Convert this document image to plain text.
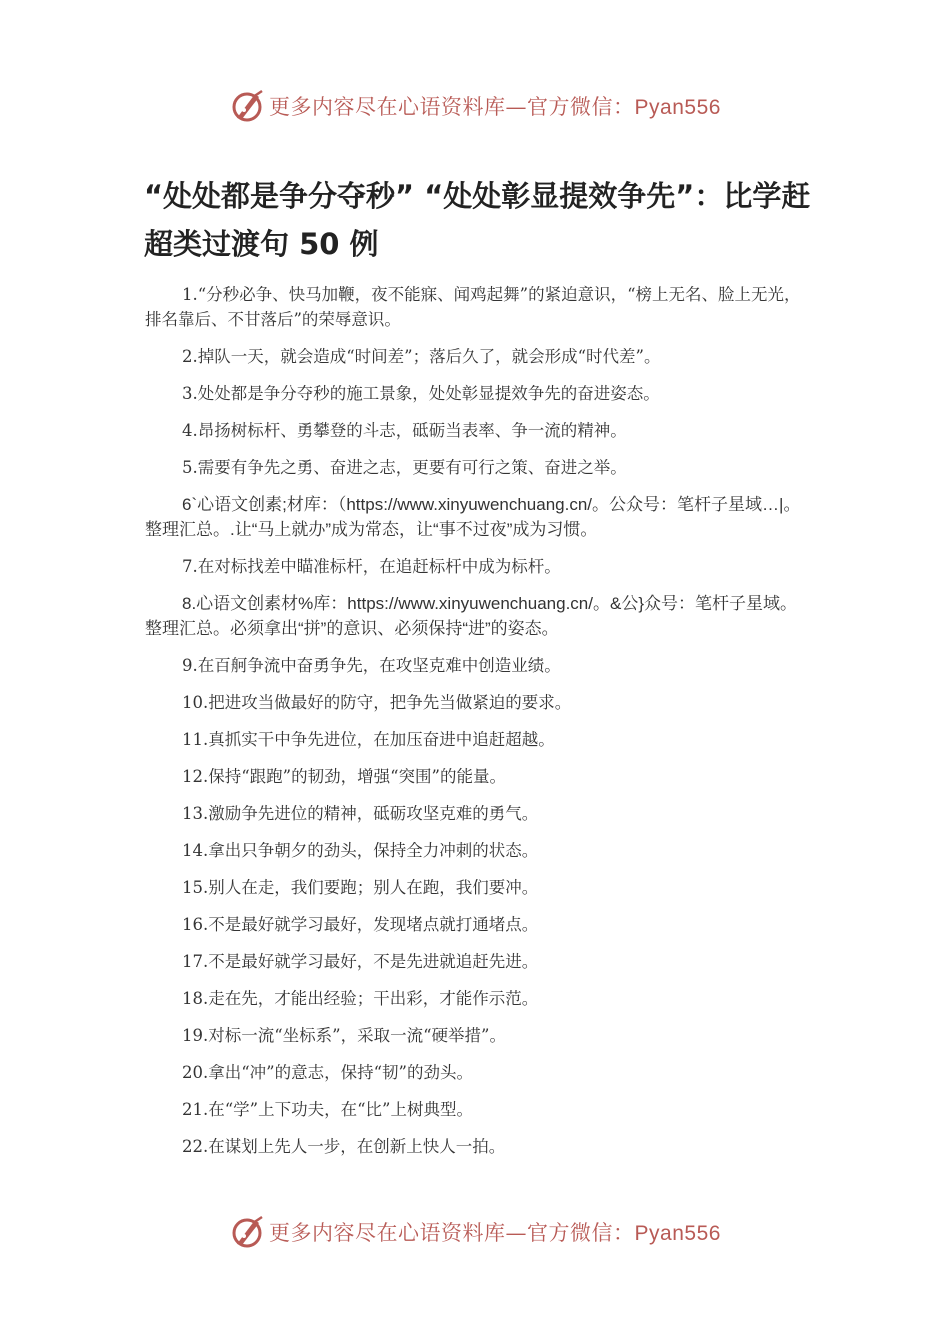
更多内容尽在心语资料库—官方微信：Pyan556
“处处都是争分夺秒” “处处彰显提效争先”：比学赶超类过渡句 50 例

1.“分秒必争、快马加鞭，夜不能寐、闻鸡起舞”的紧迫意识，“榜上无名、脸上无光，排名靠后、不甘落后”的荣辱意识。

2.掉队一天，就会造成“时间差”；落后久了，就会形成“时代差”。

3.处处都是争分夺秒的施工景象，处处彰显提效争先的奋进姿态。

4.昂扬树标杆、勇攀登的斗志，砥砺当表率、争一流的精神。

5.需要有争先之勇、奋进之志，更要有可行之策、奋进之举。

6`心语文创素;材库：（https://www.xinyuwenchuang.cn/。公众号：笔杆子星域…|。整理汇总。.让“马上就办”成为常态，让“事不过夜”成为习惯。

7.在对标找差中瞄准标杆，在追赶标杆中成为标杆。

8.心语文创素材%库：https://www.xinyuwenchuang.cn/。&公}众号：笔杆子星域。整理汇总。必须拿出“拼”的意识、必须保持“进”的姿态。

9.在百舸争流中奋勇争先，在攻坚克难中创造业绩。

10.把进攻当做最好的防守，把争先当做紧迫的要求。

11.真抓实干中争先进位，在加压奋进中追赶超越。

12.保持“跟跑”的韧劲，增强“突围”的能量。

13.激励争先进位的精神，砥砺攻坚克难的勇气。

14.拿出只争朝夕的劲头，保持全力冲刺的状态。

15.别人在走，我们要跑；别人在跑，我们要冲。

16.不是最好就学习最好，发现堵点就打通堵点。

17.不是最好就学习最好，不是先进就追赶先进。

18.走在先，才能出经验；干出彩，才能作示范。

19.对标一流“坐标系”，采取一流“硬举措”。

20.拿出“冲”的意志，保持“韧”的劲头。

21.在“学”上下功夫，在“比”上树典型。

22.在谋划上先人一步，在创新上快人一拍。

更多内容尽在心语资料库—官方微信：Pyan556
